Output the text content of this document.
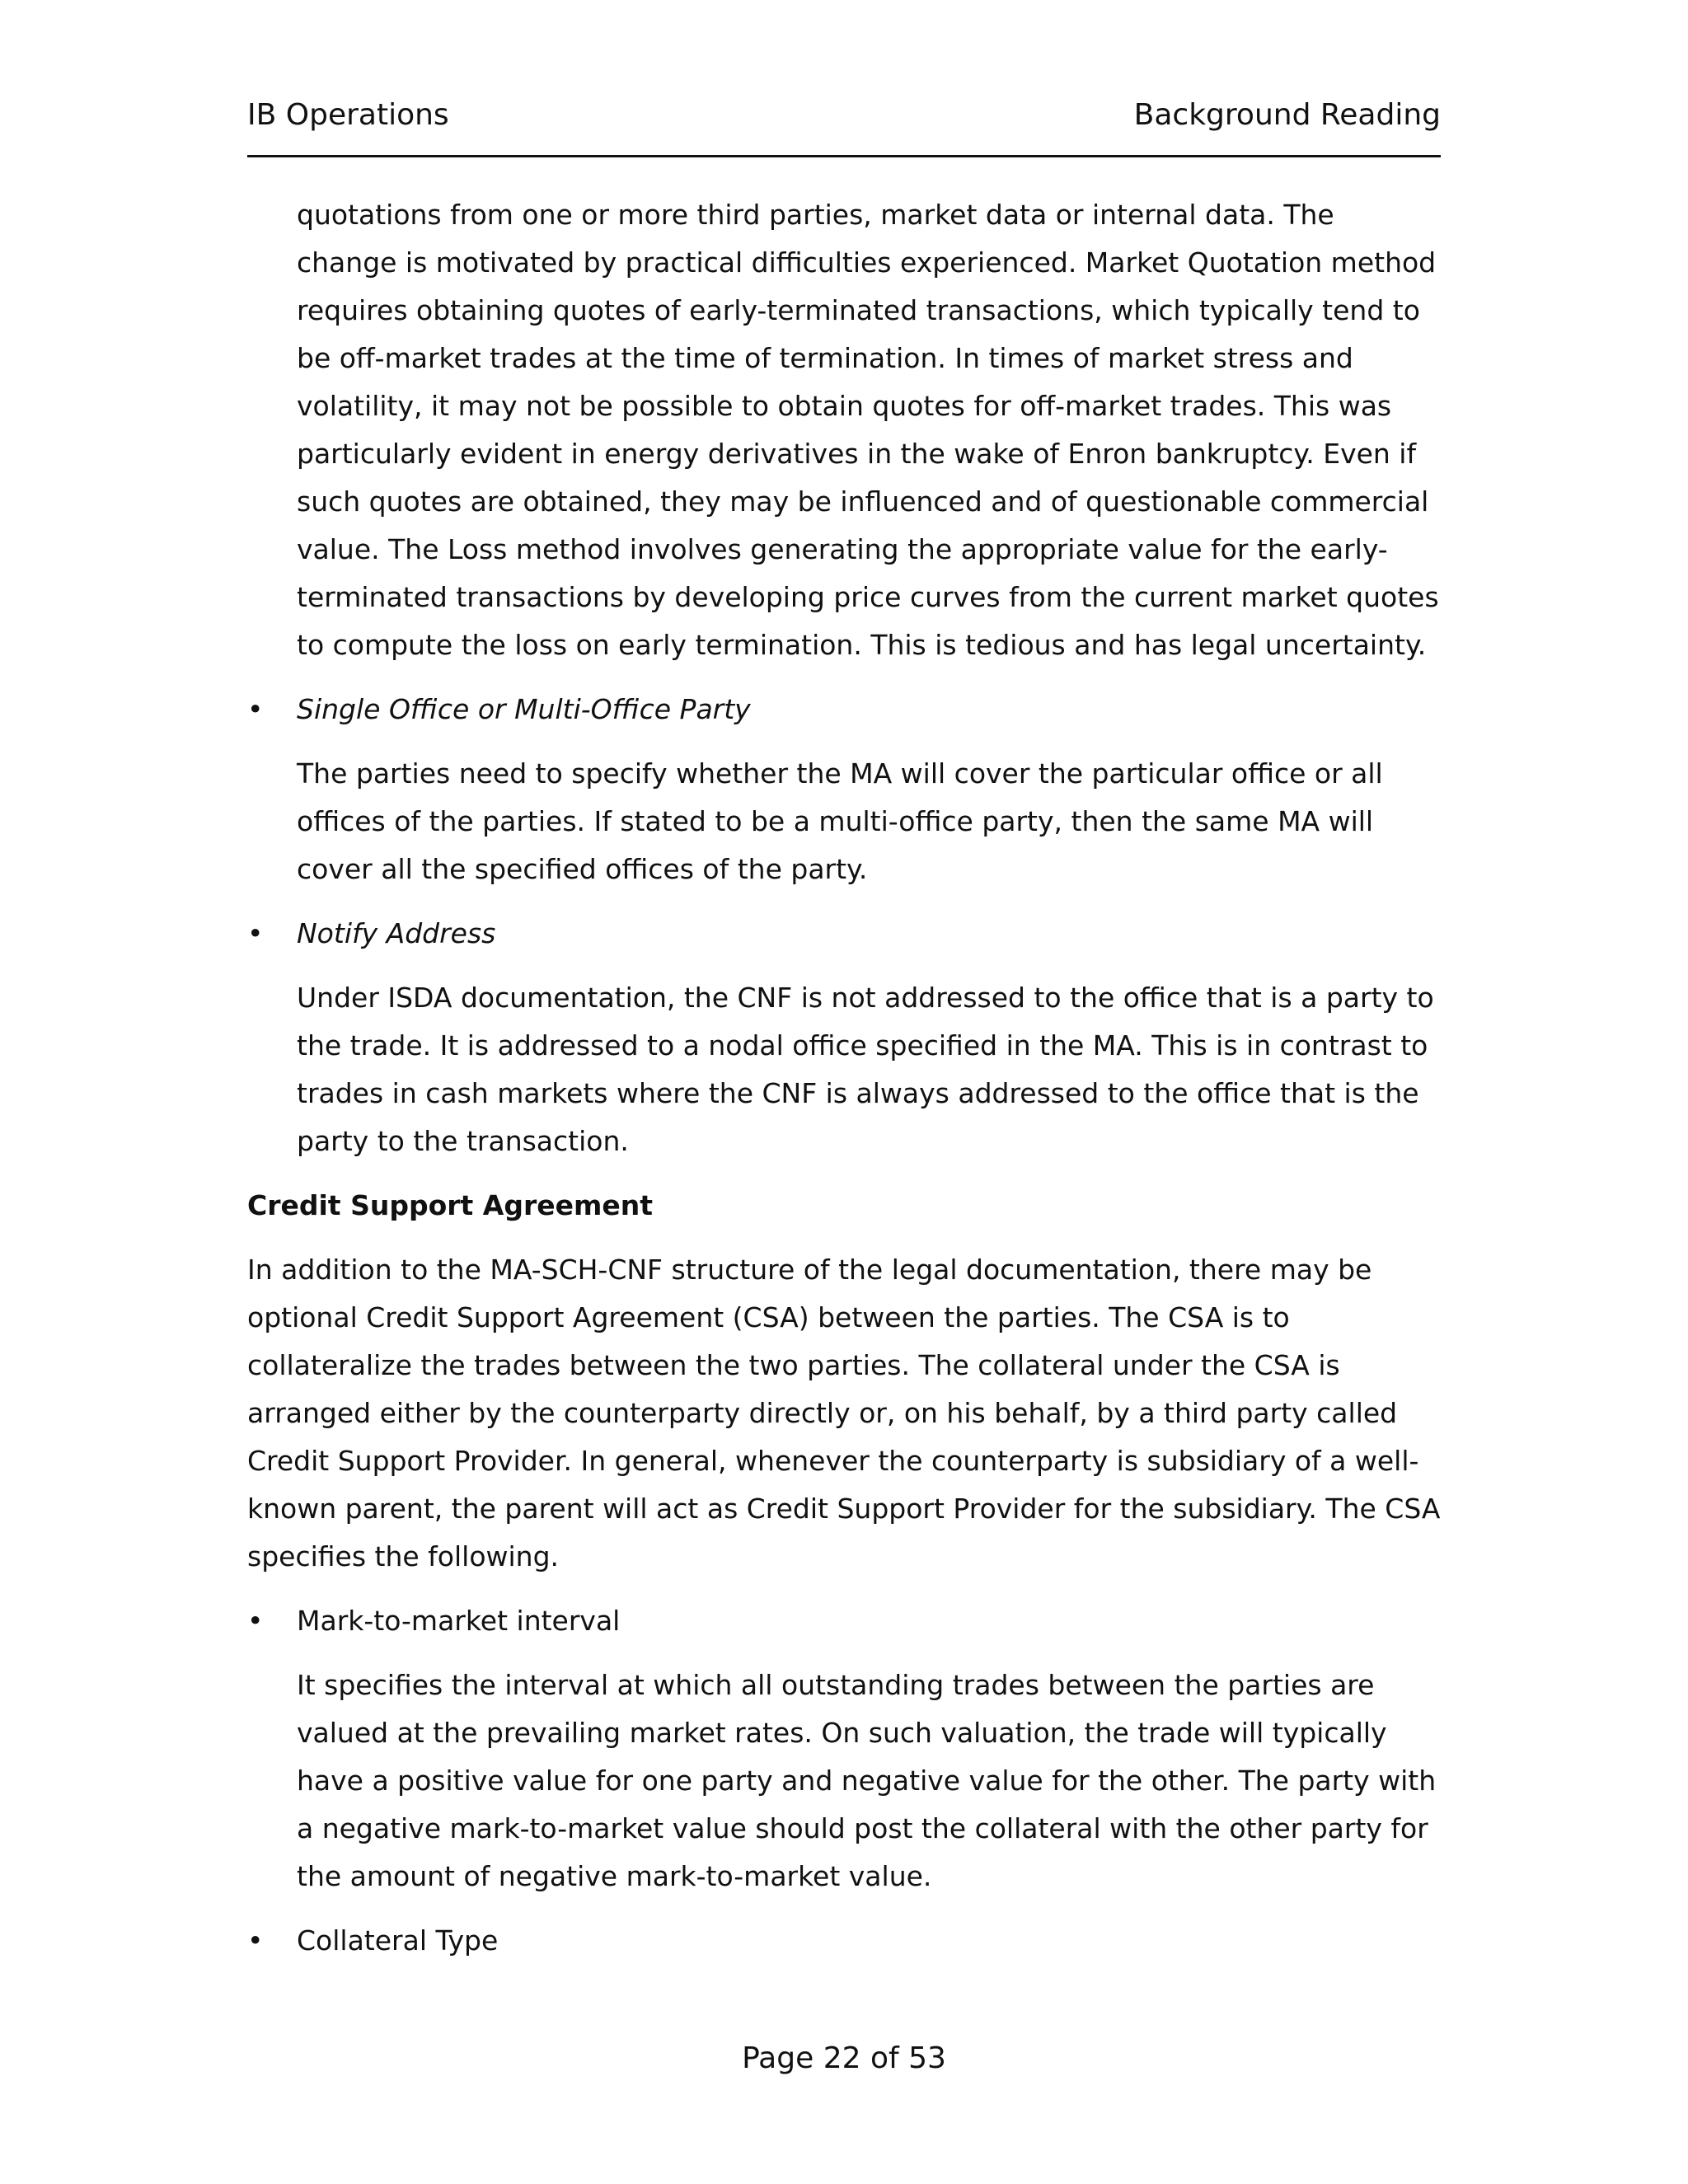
IB Operations	Background Reading

quotations from one or more third parties, market data or internal data. The change is motivated by practical difficulties experienced. Market Quotation method requires obtaining quotes of early-terminated transactions, which typically tend to be off-market trades at the time of termination. In times of market stress and volatility, it may not be possible to obtain quotes for off-market trades. This was particularly evident in energy derivatives in the wake of Enron bankruptcy. Even if such quotes are obtained, they may be influenced and of questionable commercial value. The Loss method involves generating the appropriate value for the early-terminated transactions by developing price curves from the current market quotes to compute the loss on early termination. This is tedious and has legal uncertainty.

• Single Office or Multi-Office Party

The parties need to specify whether the MA will cover the particular office or all offices of the parties. If stated to be a multi-office party, then the same MA will cover all the specified offices of the party.

• Notify Address

Under ISDA documentation, the CNF is not addressed to the office that is a party to the trade. It is addressed to a nodal office specified in the MA. This is in contrast to trades in cash markets where the CNF is always addressed to the office that is the party to the transaction.

Credit Support Agreement

In addition to the MA-SCH-CNF structure of the legal documentation, there may be optional Credit Support Agreement (CSA) between the parties. The CSA is to collateralize the trades between the two parties. The collateral under the CSA is arranged either by the counterparty directly or, on his behalf, by a third party called Credit Support Provider. In general, whenever the counterparty is subsidiary of a well-known parent, the parent will act as Credit Support Provider for the subsidiary. The CSA specifies the following.

• Mark-to-market interval

It specifies the interval at which all outstanding trades between the parties are valued at the prevailing market rates. On such valuation, the trade will typically have a positive value for one party and negative value for the other. The party with a negative mark-to-market value should post the collateral with the other party for the amount of negative mark-to-market value.

• Collateral Type
Page 22 of 53
